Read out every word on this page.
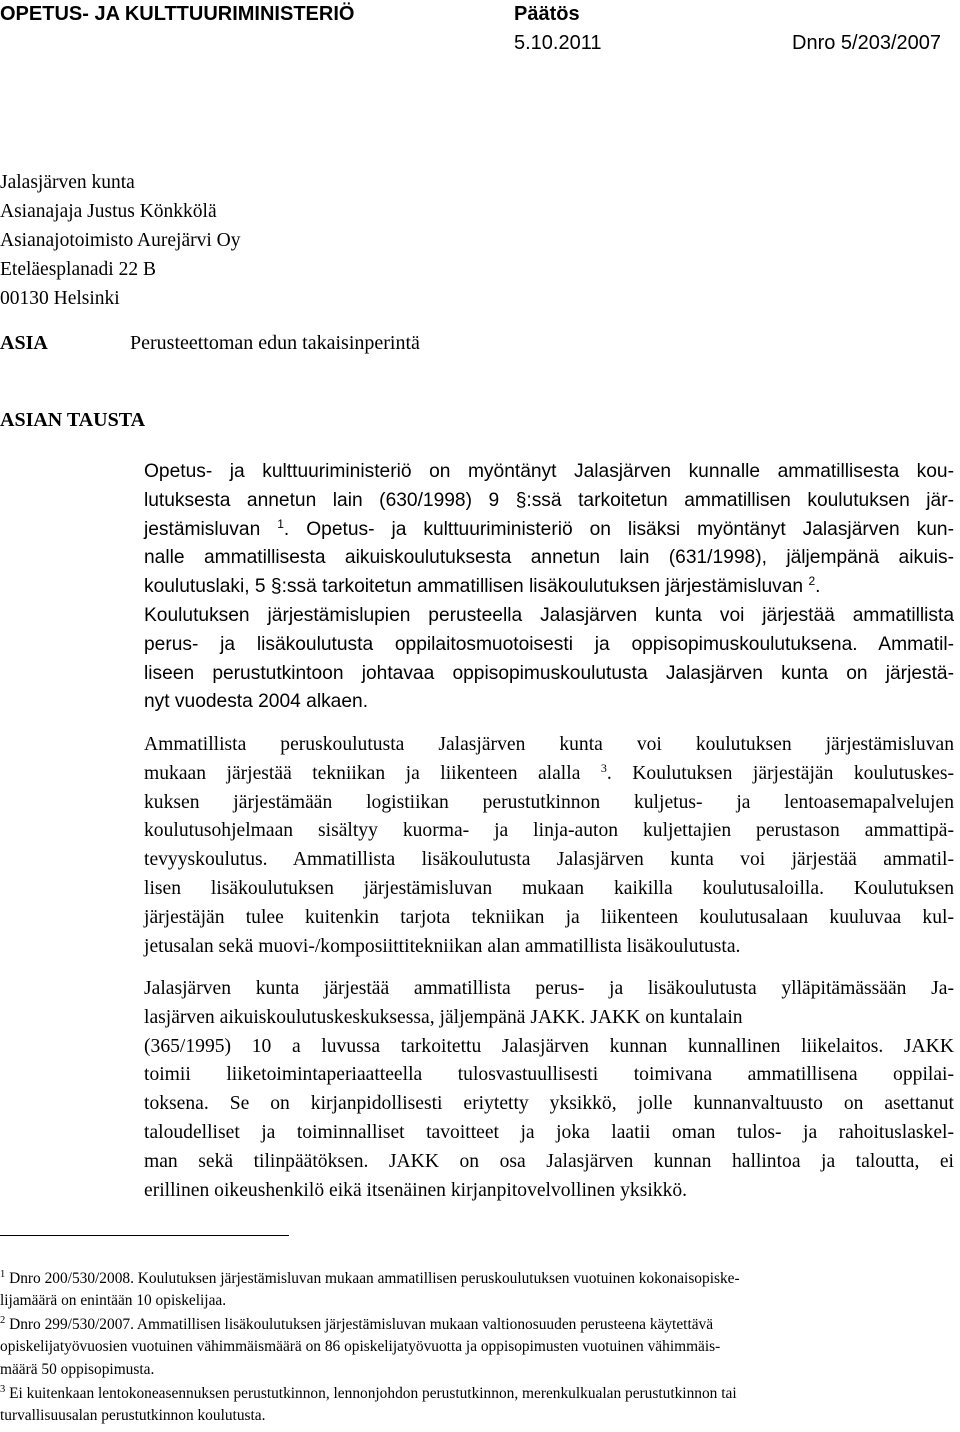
OPETUS- JA KULTTUURIMINISTERIÖ	Päätös
5.10.2011	Dnro 5/203/2007
Jalasjärven kunta
Asianajaja Justus Könkkölä
Asianajotoimisto Aurejärvi Oy
Eteläesplanadi 22 B
00130 Helsinki
ASIA	Perusteettoman edun takaisinperintä
ASIAN TAUSTA
Opetus- ja kulttuuriministeriö on myöntänyt Jalasjärven kunnalle ammatillisesta kou-
lutuksesta annetun lain (630/1998) 9 §:ssä tarkoitetun ammatillisen koulutuksen jär-
jestämisluvan $^1$. Opetus- ja kulttuuriministeriö on lisäksi myöntänyt Jalasjärven kun-
nalle ammatillisesta aikuiskoulutuksesta annetun lain (631/1998), jäljempänä aikuis-
koulutuslaki, 5 §:ssä tarkoitetun ammatillisen lisäkoulutuksen järjestämisluvan $^2$.
Koulutuksen järjestämislupien perusteella Jalasjärven kunta voi järjestää ammatillista
perus- ja lisäkoulutusta oppilaitosmuotoisesti ja oppisopimuskoulutuksena. Ammatil-
liseen perustutkintoon johtavaa oppisopimuskoulutusta Jalasjärven kunta on järjestä-
nyt vuodesta 2004 alkaen.
Ammatillista peruskoulutusta Jalasjärven kunta voi koulutuksen järjestämisluvan
mukaan järjestää tekniikan ja liikenteen alalla $^3$. Koulutuksen järjestäjän koulutuskes-
kuksen järjestämään logistiikan perustutkinnon kuljetus- ja lentoasemapalvelujen
koulutusohjelmaan sisältyy kuorma- ja linja-auton kuljettajien perustason ammattipä-
tevyyskoulutus. Ammatillista lisäkoulutusta Jalasjärven kunta voi järjestää ammatil-
lisen lisäkoulutuksen järjestämisluvan mukaan kaikilla koulutusaloilla. Koulutuksen
järjestäjän tulee kuitenkin tarjota tekniikan ja liikenteen koulutusalaan kuuluvaa kul-
jetusalan sekä muovi-/komposiittitekniikan alan ammatillista lisäkoulutusta.
Jalasjärven kunta järjestää ammatillista perus- ja lisäkoulutusta ylläpitämässään Ja-
lasjärven aikuiskoulutuskeskuksessa, jäljempänä JAKK. JAKK on kuntalain
(365/1995) 10 a luvussa tarkoitettu Jalasjärven kunnan kunnallinen liikelaitos. JAKK
toimii liiketoimintaperiaatteella tulosvastuullisesti toimivana ammatillisena oppilai-
toksena. Se on kirjanpidollisesti eriytetty yksikkö, jolle kunnanvaltuusto on asettanut
taloudelliset ja toiminnalliset tavoitteet ja joka laatii oman tulos- ja rahoituslaskel-
man sekä tilinpäätöksen. JAKK on osa Jalasjärven kunnan hallintoa ja taloutta, ei
erillinen oikeushenkilö eikä itsenäinen kirjanpitovelvollinen yksikkö.
$^1$ Dnro 200/530/2008. Koulutuksen järjestämisluvan mukaan ammatillisen peruskoulutuksen vuotuinen kokonaisopiske-
lijamäärä on enintään 10 opiskelijaa.
$^2$ Dnro 299/530/2007. Ammatillisen lisäkoulutuksen järjestämisluvan mukaan valtionosuuden perusteena käytettävä
opiskelijatyövuosien vuotuinen vähimmäismäärä on 86 opiskelijatyövuotta ja oppisopimusten vuotuinen vähimmäis-
määrä 50 oppisopimusta.
$^3$ Ei kuitenkaan lentokoneasennuksen perustutkinnon, lennonjohdon perustutkinnon, merenkulkualan perustutkinnon tai
turvallisuusalan perustutkinnon koulutusta.
